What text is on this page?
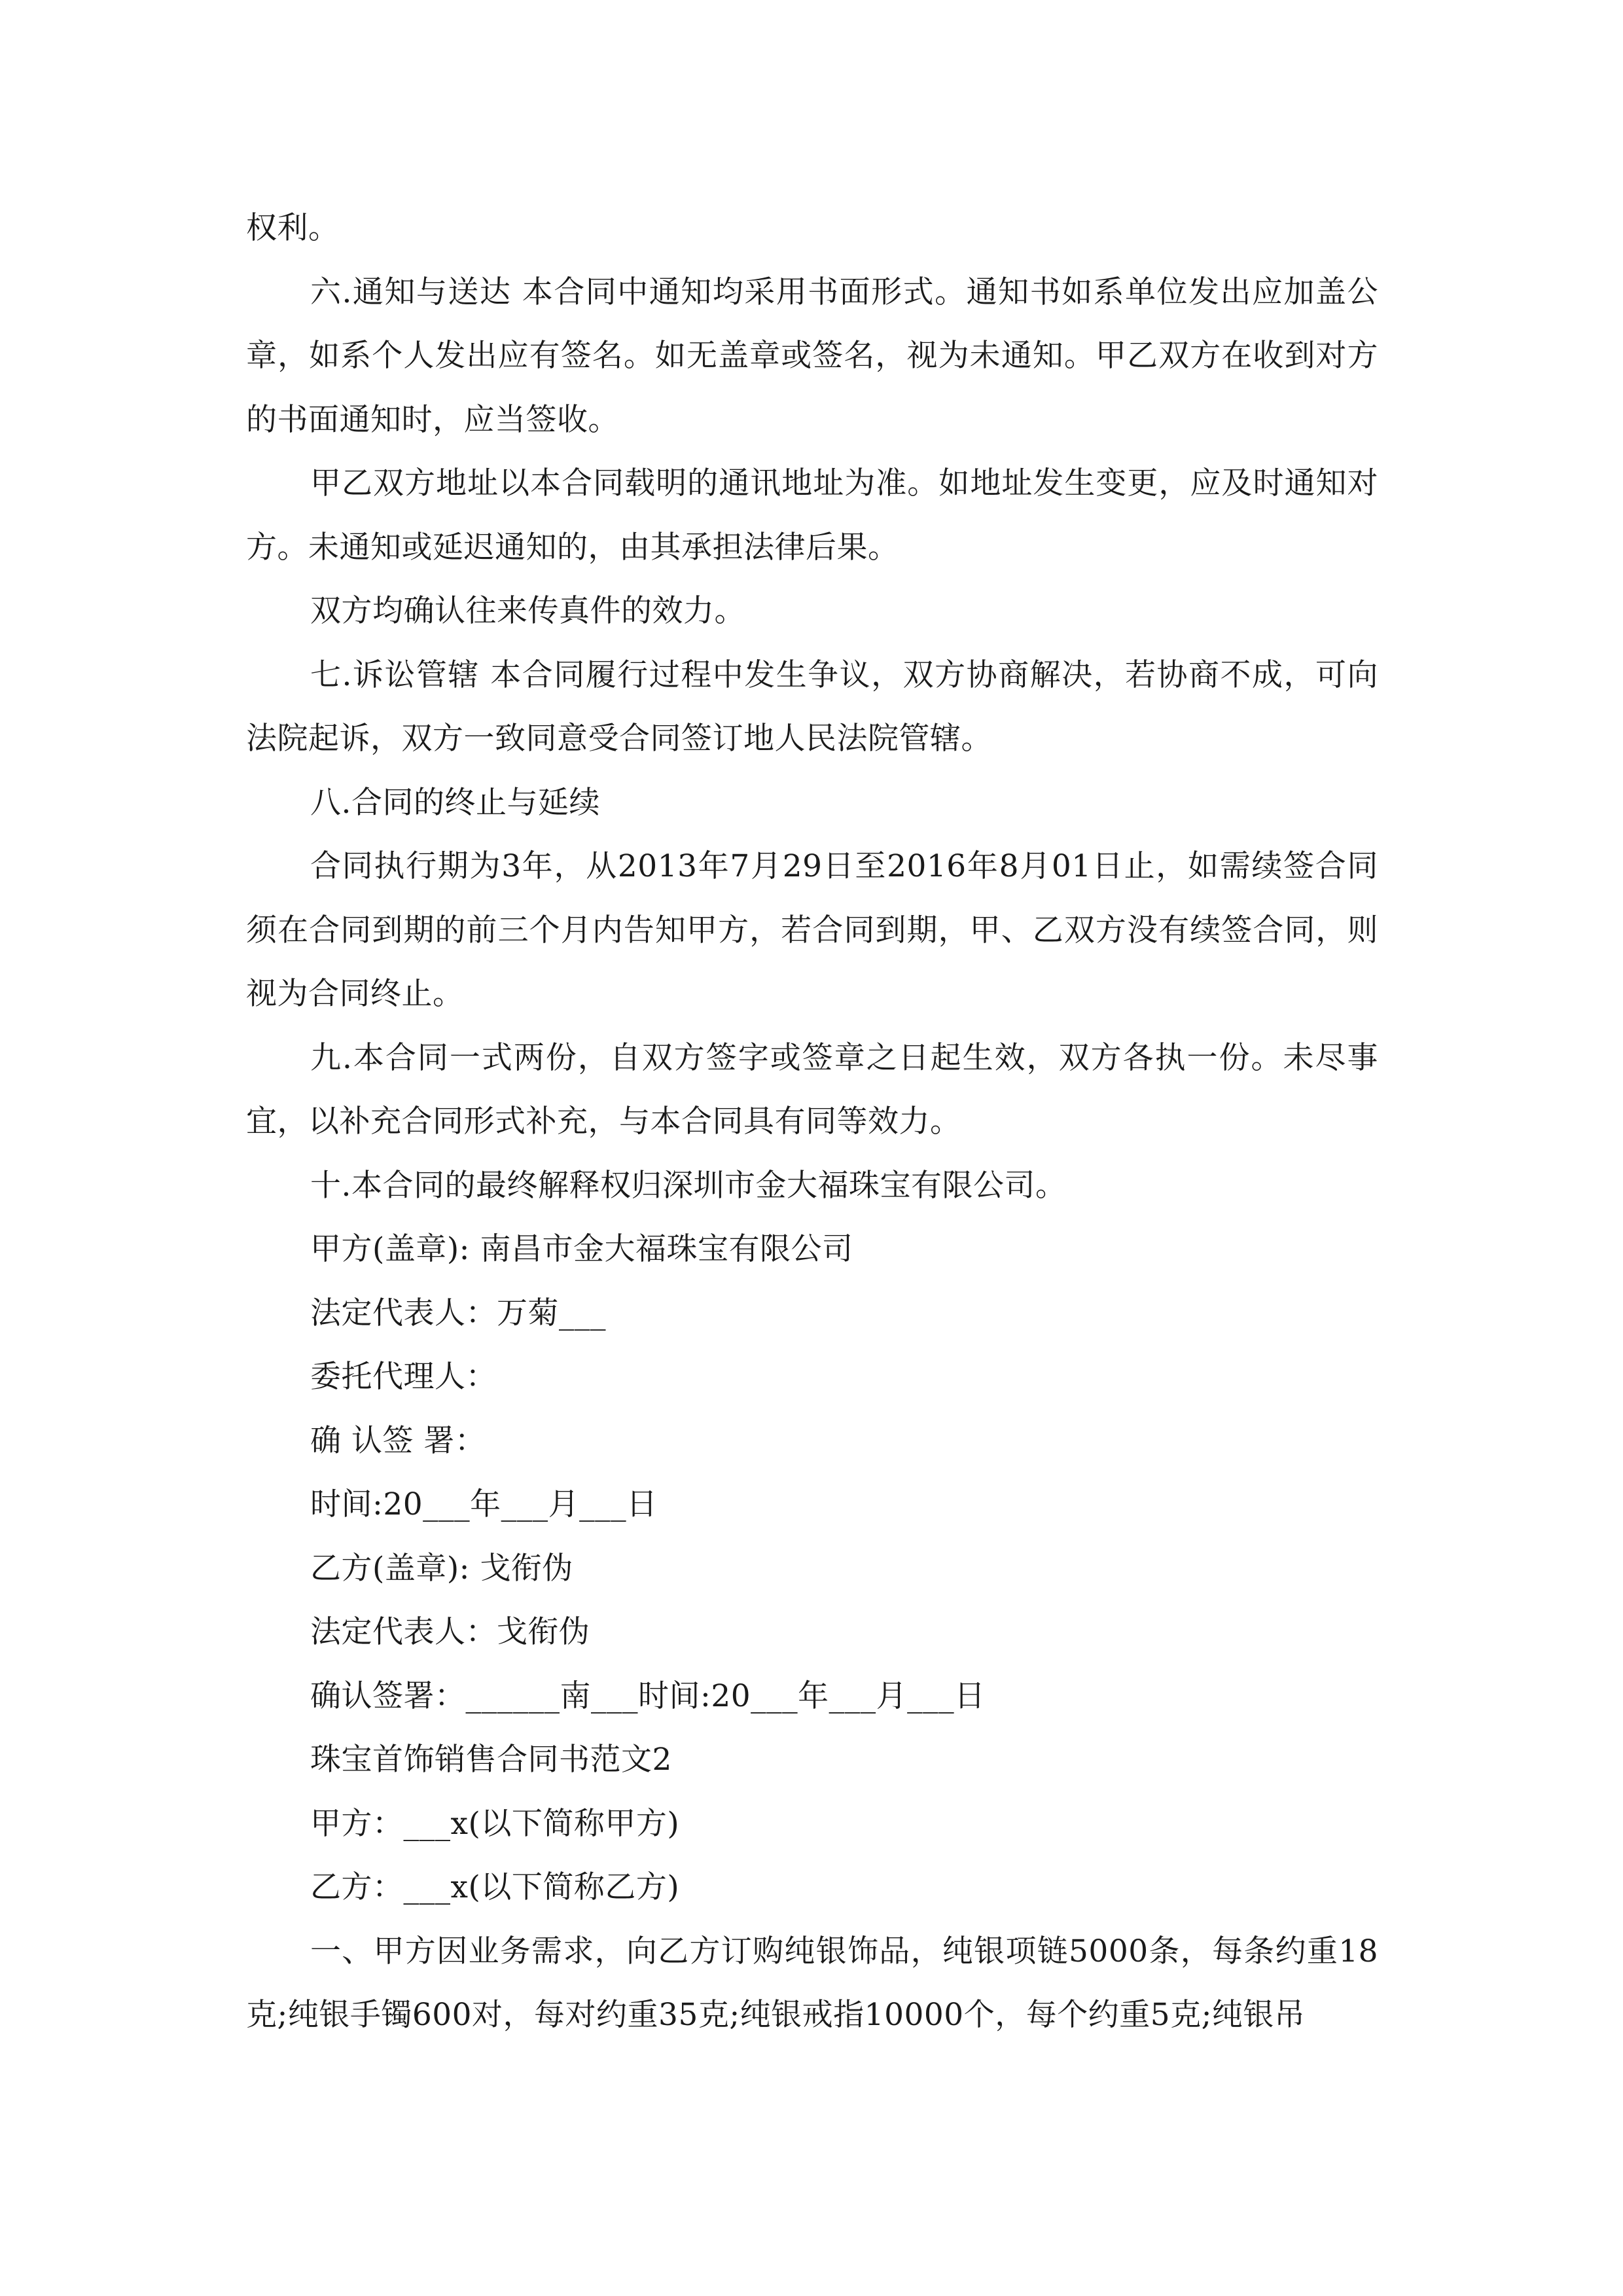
权利。

六.通知与送达 本合同中通知均采用书面形式。通知书如系单位发出应加盖公章，如系个人发出应有签名。如无盖章或签名，视为未通知。甲乙双方在收到对方的书面通知时，应当签收。

甲乙双方地址以本合同载明的通讯地址为准。如地址发生变更，应及时通知对方。未通知或延迟通知的，由其承担法律后果。

双方均确认往来传真件的效力。

七.诉讼管辖 本合同履行过程中发生争议，双方协商解决，若协商不成，可向法院起诉，双方一致同意受合同签订地人民法院管辖。

八.合同的终止与延续

合同执行期为3年，从2013年7月29日至2016年8月01日止，如需续签合同须在合同到期的前三个月内告知甲方，若合同到期，甲、乙双方没有续签合同，则视为合同终止。

九.本合同一式两份，自双方签字或签章之日起生效，双方各执一份。未尽事宜，以补充合同形式补充，与本合同具有同等效力。

十.本合同的最终解释权归深圳市金大福珠宝有限公司。

甲方(盖章): 南昌市金大福珠宝有限公司

法定代表人：万菊___

委托代理人：

确 认签 署：

时间:20___年___月___日

乙方(盖章): 戈衔伪

法定代表人：戈衔伪

确认签署：______南___时间:20___年___月___日

珠宝首饰销售合同书范文2

甲方：___x(以下简称甲方)

乙方：___x(以下简称乙方)

一、甲方因业务需求，向乙方订购纯银饰品，纯银项链5000条，每条约重18克;纯银手镯600对，每对约重35克;纯银戒指10000个，每个约重5克;纯银吊
